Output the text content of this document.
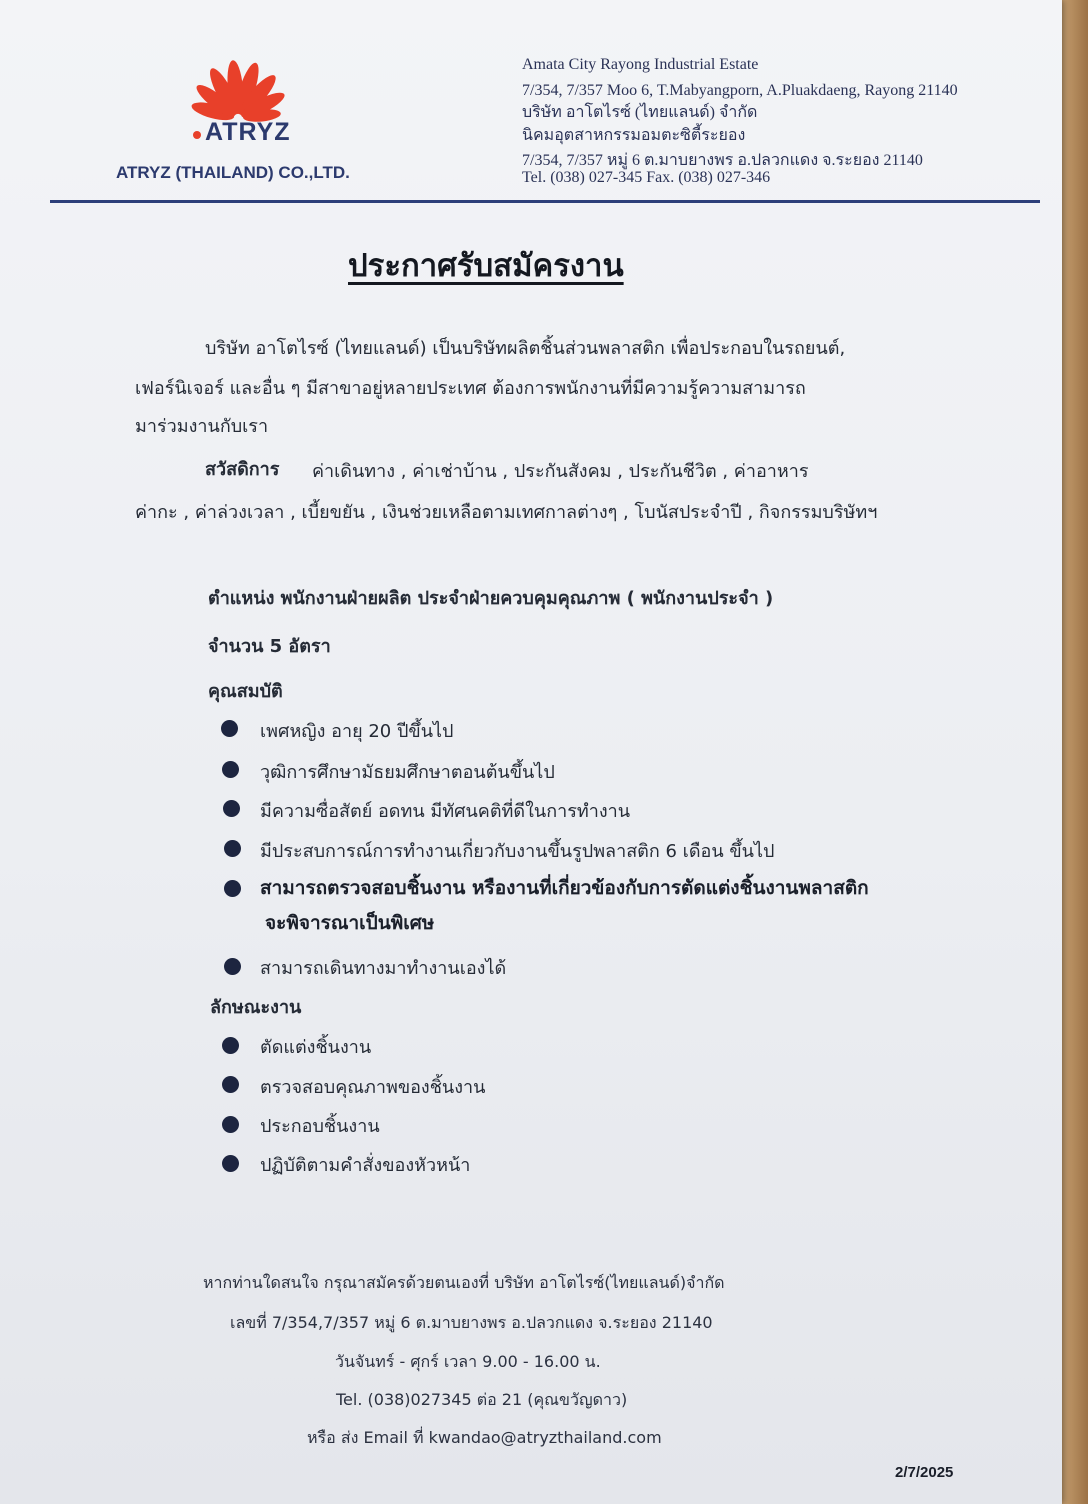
ATRYZ
ATRYZ (THAILAND) CO.,LTD.
Amata City Rayong Industrial Estate
7/354, 7/357 Moo 6, T.Mabyangporn, A.Pluakdaeng, Rayong 21140
บริษัท อาโตไรซ์ (ไทยแลนด์) จำกัด
นิคมอุตสาหกรรมอมตะซิตี้ระยอง
7/354, 7/357 หมู่ 6 ต.มาบยางพร อ.ปลวกแดง จ.ระยอง 21140
Tel. (038) 027-345 Fax. (038) 027-346
ประกาศรับสมัครงาน
บริษัท อาโตไรซ์ (ไทยแลนด์) เป็นบริษัทผลิตชิ้นส่วนพลาสติก เพื่อประกอบในรถยนต์,
เฟอร์นิเจอร์ และอื่น ๆ มีสาขาอยู่หลายประเทศ ต้องการพนักงานที่มีความรู้ความสามารถ
มาร่วมงานกับเรา
สวัสดิการ ค่าเดินทาง , ค่าเช่าบ้าน , ประกันสังคม , ประกันชีวิต , ค่าอาหาร
ค่ากะ , ค่าล่วงเวลา , เบี้ยขยัน , เงินช่วยเหลือตามเทศกาลต่างๆ , โบนัสประจำปี , กิจกรรมบริษัทฯ
ตำแหน่ง พนักงานฝ่ายผลิต ประจำฝ่ายควบคุมคุณภาพ ( พนักงานประจำ )
จำนวน 5 อัตรา
คุณสมบัติ
เพศหญิง อายุ 20 ปีขึ้นไป
วุฒิการศึกษามัธยมศึกษาตอนต้นขึ้นไป
มีความซื่อสัตย์ อดทน มีทัศนคติที่ดีในการทำงาน
มีประสบการณ์การทำงานเกี่ยวกับงานขึ้นรูปพลาสติก 6 เดือน ขึ้นไป
สามารถตรวจสอบชิ้นงาน หรืองานที่เกี่ยวข้องกับการตัดแต่งชิ้นงานพลาสติก
จะพิจารณาเป็นพิเศษ
สามารถเดินทางมาทำงานเองได้
ลักษณะงาน
ตัดแต่งชิ้นงาน
ตรวจสอบคุณภาพของชิ้นงาน
ประกอบชิ้นงาน
ปฏิบัติตามคำสั่งของหัวหน้า
หากท่านใดสนใจ กรุณาสมัครด้วยตนเองที่ บริษัท อาโตไรซ์(ไทยแลนด์)จำกัด
เลขที่ 7/354,7/357 หมู่ 6 ต.มาบยางพร อ.ปลวกแดง จ.ระยอง 21140
วันจันทร์ - ศุกร์ เวลา 9.00 - 16.00 น.
Tel. (038)027345 ต่อ 21 (คุณขวัญดาว)
หรือ ส่ง Email ที่ kwandao@atryzthailand.com
2/7/2025
